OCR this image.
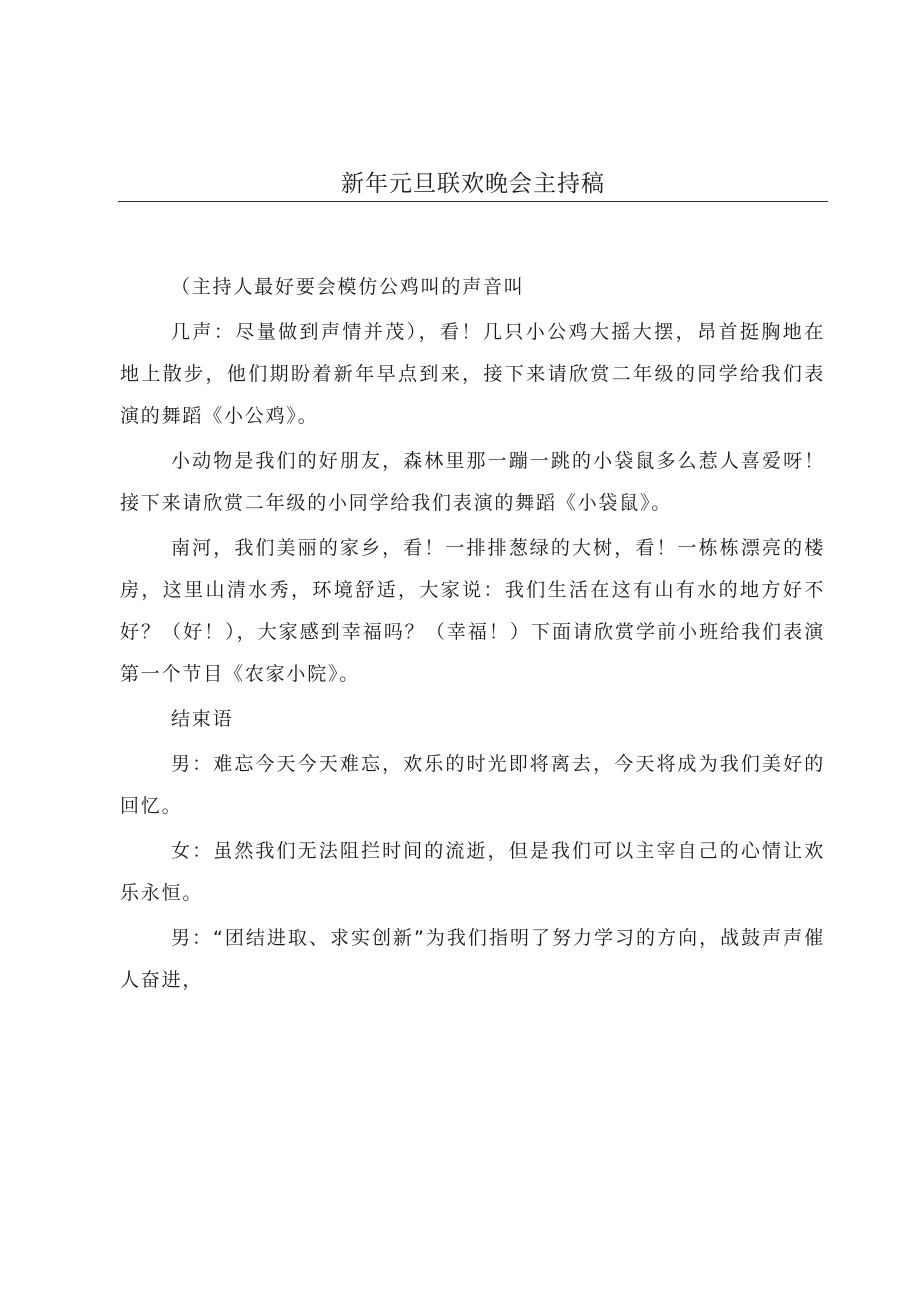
新年元旦联欢晚会主持稿

（主持人最好要会模仿公鸡叫的声音叫

几声：尽量做到声情并茂），看！几只小公鸡大摇大摆，昂首挺胸地在地上散步，他们期盼着新年早点到来，接下来请欣赏二年级的同学给我们表演的舞蹈《小公鸡》。

小动物是我们的好朋友，森林里那一蹦一跳的小袋鼠多么惹人喜爱呀！接下来请欣赏二年级的小同学给我们表演的舞蹈《小袋鼠》。

南河，我们美丽的家乡，看！一排排葱绿的大树，看！一栋栋漂亮的楼房，这里山清水秀，环境舒适，大家说：我们生活在这有山有水的地方好不好？（好！），大家感到幸福吗？（幸福！）下面请欣赏学前小班给我们表演第一个节目《农家小院》。

结束语

男：难忘今天今天难忘，欢乐的时光即将离去，今天将成为我们美好的回忆。

女：虽然我们无法阻拦时间的流逝，但是我们可以主宰自己的心情让欢乐永恒。

男：“团结进取、求实创新”为我们指明了努力学习的方向，战鼓声声催人奋进，
